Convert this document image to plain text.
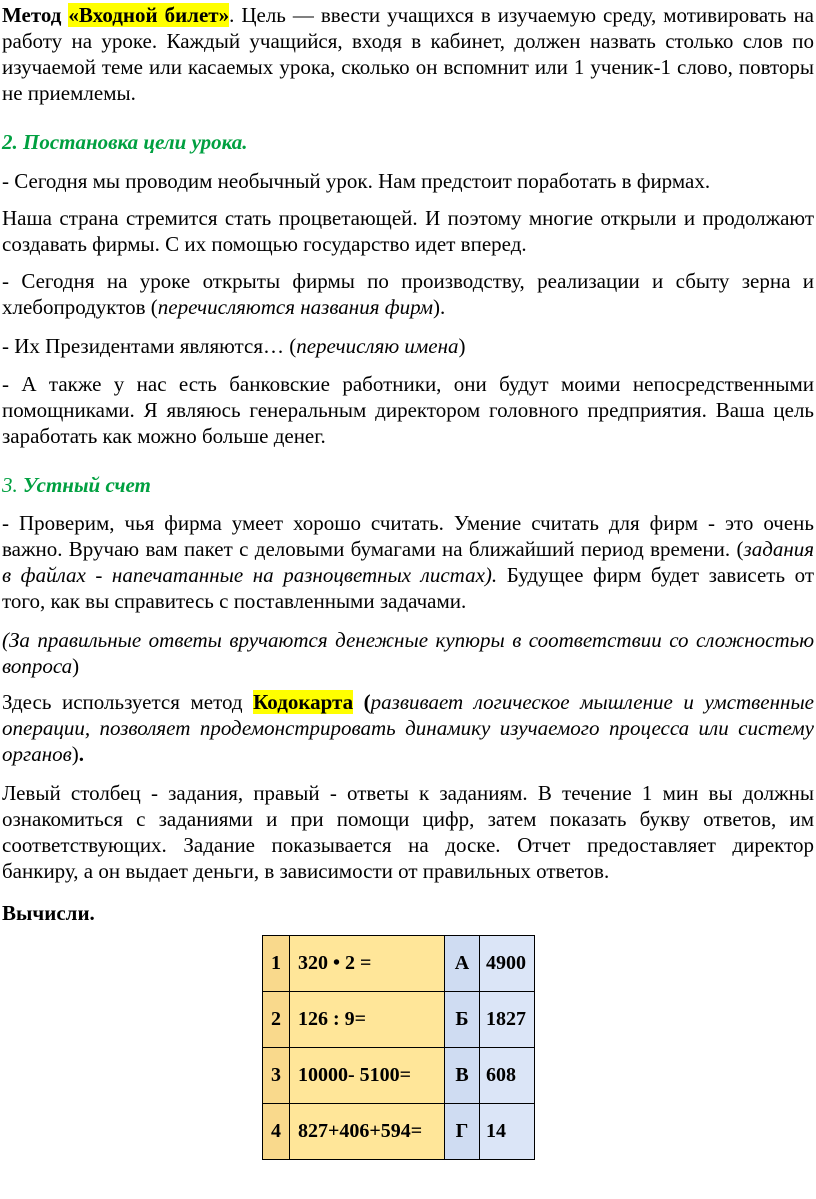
Метод «Входной билет». Цель — ввести учащихся в изучаемую среду, мотивировать на работу на уроке. Каждый учащийся, входя в кабинет, должен назвать столько слов по изучаемой теме или касаемых урока, сколько он вспомнит или 1 ученик-1 слово, повторы не приемлемы.

2. Постановка цели урока.

- Сегодня мы проводим необычный урок. Нам предстоит поработать в фирмах.

Наша страна стремится стать процветающей. И поэтому многие открыли и продолжают создавать фирмы. С их помощью государство идет вперед.

- Сегодня на уроке открыты фирмы по производству, реализации и сбыту зерна и хлебопродуктов (перечисляются названия фирм).

- Их Президентами являются… (перечисляю имена)

- А также у нас есть банковские работники, они будут моими непосредственными помощниками. Я являюсь генеральным директором головного предприятия. Ваша цель заработать как можно больше денег.

3. Устный счет

- Проверим, чья фирма умеет хорошо считать. Умение считать для фирм - это очень важно. Вручаю вам пакет с деловыми бумагами на ближайший период времени. (задания в файлах - напечатанные на разноцветных листах). Будущее фирм будет зависеть от того, как вы справитесь с поставленными задачами.

(За правильные ответы вручаются денежные купюры в соответствии со сложностью вопроса)

Здесь используется метод Кодокарта (развивает логическое мышление и умственные операции, позволяет продемонстрировать динамику изучаемого процесса или систему органов).

Левый столбец - задания, правый - ответы к заданиям. В течение 1 мин вы должны ознакомиться с заданиями и при помощи цифр, затем показать букву ответов, им соответствующих. Задание показывается на доске. Отчет предоставляет директор банкиру, а он выдает деньги, в зависимости от правильных ответов.

Вычисли.

1	320 • 2 =	А	4900
2	126 : 9=	Б	1827
3	10000- 5100=	В	608
4	827+406+594=	Г	14
